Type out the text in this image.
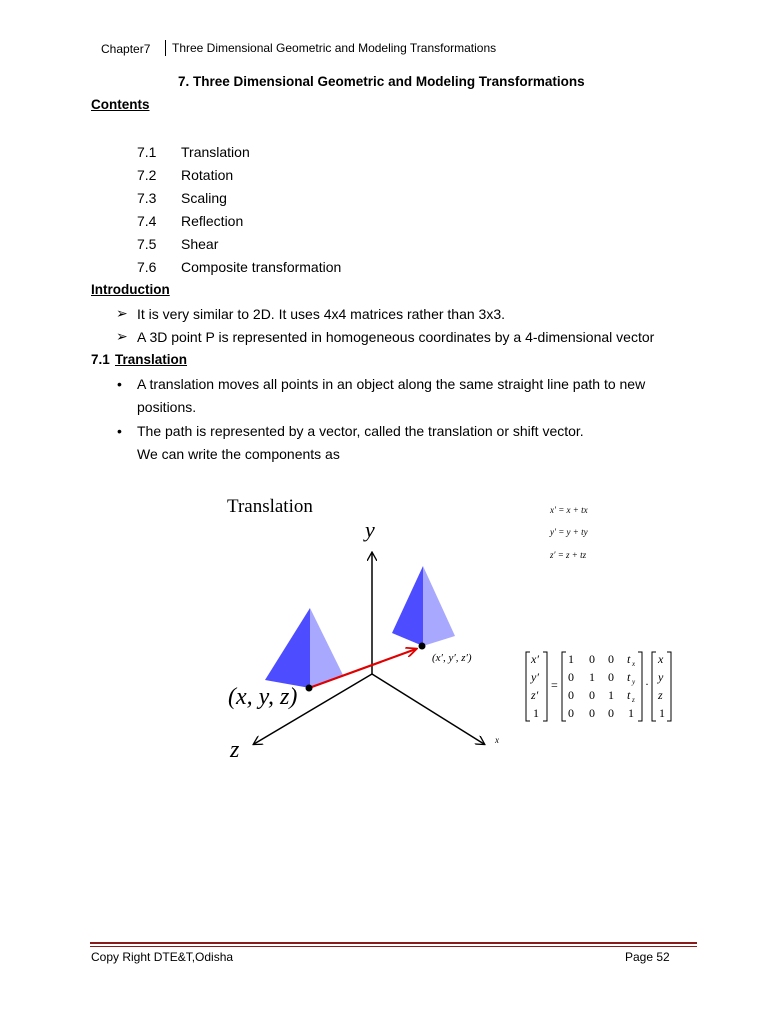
Chapter7	Three Dimensional Geometric and Modeling Transformations
7. Three Dimensional Geometric and Modeling Transformations
Contents
7.1 Translation
7.2 Rotation
7.3 Scaling
7.4 Reflection
7.5 Shear
7.6 Composite transformation
Introduction
➢ It is very similar to 2D. It uses 4x4 matrices rather than 3x3.
➢ A 3D point P is represented in homogeneous coordinates by a 4-dimensional vector
7.1 Translation
• A translation moves all points in an object along the same straight line path to new
positions.
• The path is represented by a vector, called the translation or shift vector.
We can write the components as
Translation
y
z	x
(x, y, z)
(x′, y′, z′)
x′ = x + tx
y′ = y + ty
z′ = z + tz
x′
y′
z′
1
=
1 0 0 t x
0 1 0 t y
0 0 1 t z
0 0 0 1
·
x
y
z
1
Copy Right DTE&T,Odisha	Page 52
